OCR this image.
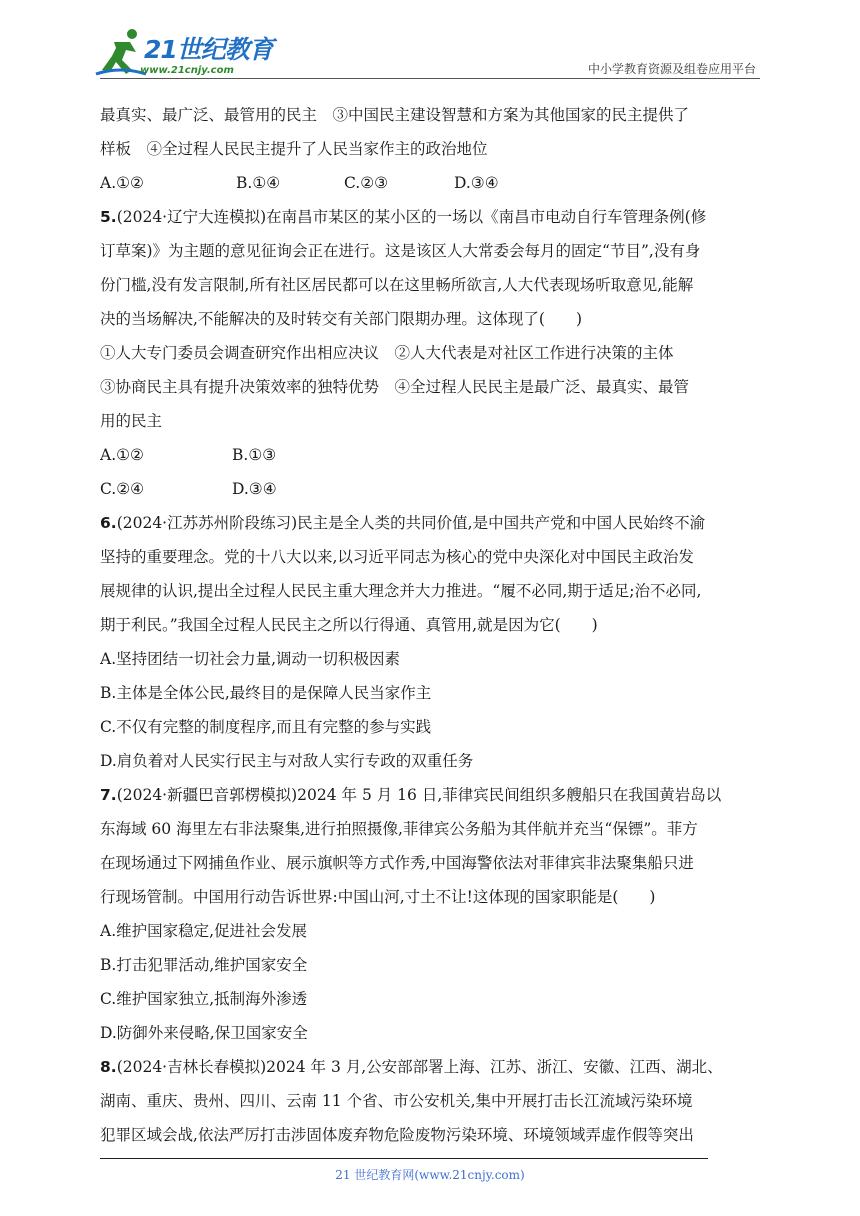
21世纪教育
www.21cnjy.com	中小学教育资源及组卷应用平台
最真实、最广泛、最管用的民主　③中国民主建设智慧和方案为其他国家的民主提供了
样板　④全过程人民民主提升了人民当家作主的政治地位
A.①②	B.①④	C.②③	D.③④
5.(2024·辽宁大连模拟)在南昌市某区的某小区的一场以《南昌市电动自行车管理条例(修
订草案)》为主题的意见征询会正在进行。这是该区人大常委会每月的固定“节目”,没有身
份门槛,没有发言限制,所有社区居民都可以在这里畅所欲言,人大代表现场听取意见,能解
决的当场解决,不能解决的及时转交有关部门限期办理。这体现了(　　)
①人大专门委员会调查研究作出相应决议　②人大代表是对社区工作进行决策的主体
③协商民主具有提升决策效率的独特优势　④全过程人民民主是最广泛、最真实、最管
用的民主
A.①②	B.①③
C.②④	D.③④
6.(2024·江苏苏州阶段练习)民主是全人类的共同价值,是中国共产党和中国人民始终不渝
坚持的重要理念。党的十八大以来,以习近平同志为核心的党中央深化对中国民主政治发
展规律的认识,提出全过程人民民主重大理念并大力推进。“履不必同,期于适足;治不必同,
期于利民。”我国全过程人民民主之所以行得通、真管用,就是因为它(　　)
A.坚持团结一切社会力量,调动一切积极因素
B.主体是全体公民,最终目的是保障人民当家作主
C.不仅有完整的制度程序,而且有完整的参与实践
D.肩负着对人民实行民主与对敌人实行专政的双重任务
7.(2024·新疆巴音郭楞模拟)2024 年 5 月 16 日,菲律宾民间组织多艘船只在我国黄岩岛以
东海域 60 海里左右非法聚集,进行拍照摄像,菲律宾公务船为其伴航并充当“保镖”。菲方
在现场通过下网捕鱼作业、展示旗帜等方式作秀,中国海警依法对菲律宾非法聚集船只进
行现场管制。中国用行动告诉世界:中国山河,寸土不让!这体现的国家职能是(　　)
A.维护国家稳定,促进社会发展
B.打击犯罪活动,维护国家安全
C.维护国家独立,抵制海外渗透
D.防御外来侵略,保卫国家安全
8.(2024·吉林长春模拟)2024 年 3 月,公安部部署上海、江苏、浙江、安徽、江西、湖北、
湖南、重庆、贵州、四川、云南 11 个省、市公安机关,集中开展打击长江流域污染环境
犯罪区域会战,依法严厉打击涉固体废弃物危险废物污染环境、环境领域弄虚作假等突出
21 世纪教育网(www.21cnjy.com)
